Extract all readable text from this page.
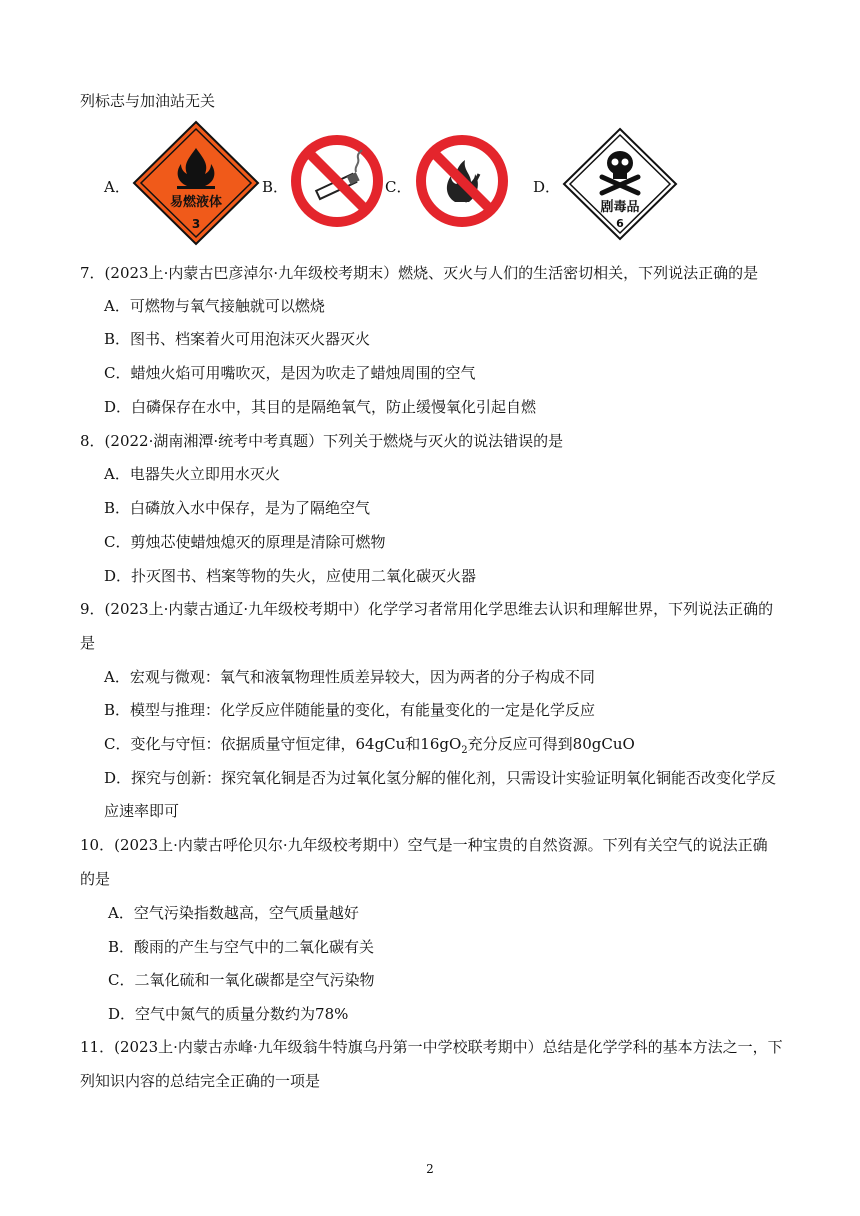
列标志与加油站无关
A．
易燃液体
3
B．	C．	D．
剧毒品
6
7．(2023上·内蒙古巴彦淖尔·九年级校考期末）燃烧、灭火与人们的生活密切相关，下列说法正确的是
A．可燃物与氧气接触就可以燃烧
B．图书、档案着火可用泡沫灭火器灭火
C．蜡烛火焰可用嘴吹灭，是因为吹走了蜡烛周围的空气
D．白磷保存在水中，其目的是隔绝氧气，防止缓慢氧化引起自燃
8．(2022·湖南湘潭·统考中考真题）下列关于燃烧与灭火的说法错误的是
A．电器失火立即用水灭火
B．白磷放入水中保存，是为了隔绝空气
C．剪烛芯使蜡烛熄灭的原理是清除可燃物
D．扑灭图书、档案等物的失火，应使用二氧化碳灭火器
9．(2023上·内蒙古通辽·九年级校考期中）化学学习者常用化学思维去认识和理解世界，下列说法正确的
是
A．宏观与微观：氧气和液氧物理性质差异较大，因为两者的分子构成不同
B．模型与推理：化学反应伴随能量的变化，有能量变化的一定是化学反应
C．变化与守恒：依据质量守恒定律，64gCu和$16gO_2$充分反应可得到80gCuO
D．探究与创新：探究氧化铜是否为过氧化氢分解的催化剂，只需设计实验证明氧化铜能否改变化学反
应速率即可
10．(2023上·内蒙古呼伦贝尔·九年级校考期中）空气是一种宝贵的自然资源。下列有关空气的说法正确
的是
A．空气污染指数越高，空气质量越好
B．酸雨的产生与空气中的二氧化碳有关
C．二氧化硫和一氧化碳都是空气污染物
D．空气中氮气的质量分数约为78%
11．(2023上·内蒙古赤峰·九年级翁牛特旗乌丹第一中学校联考期中）总结是化学学科的基本方法之一，下
列知识内容的总结完全正确的一项是
2
